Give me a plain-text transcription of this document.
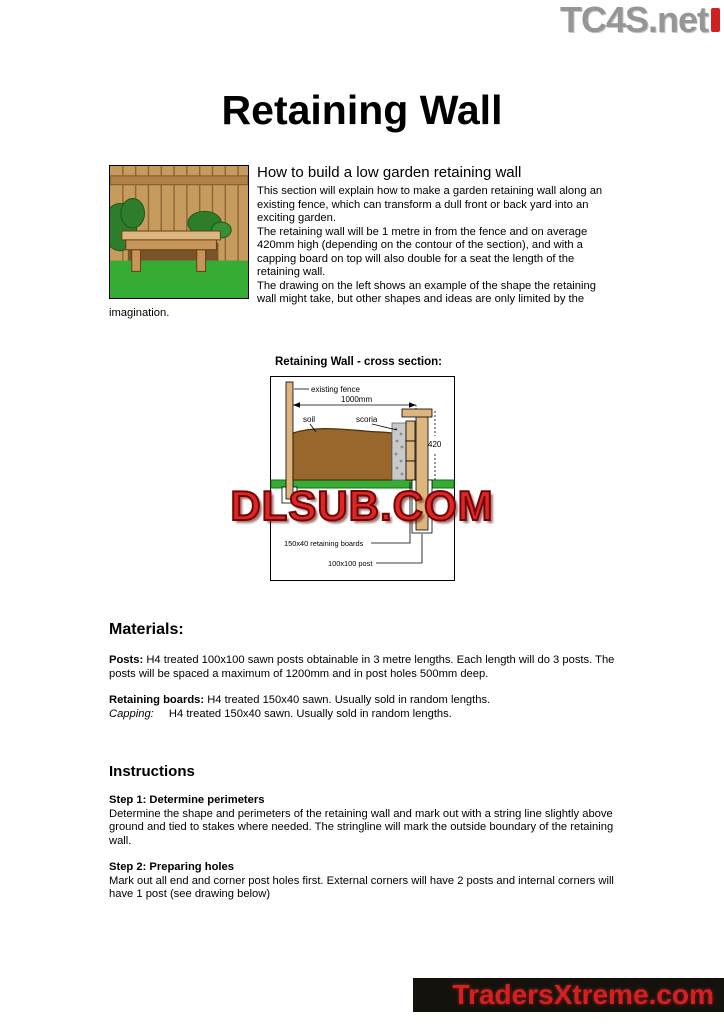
TC4S.net
Retaining Wall
How to build a low garden retaining wall

This section will explain how to make a garden retaining wall along an existing fence, which can transform a dull front or back yard into an exciting garden.

The retaining wall will be 1 metre in from the fence and on average 420mm high (depending on the contour of the section), and with a capping board on top will also double for a seat the length of the retaining wall.

The drawing on the left shows an example of the shape the retaining wall might take, but other shapes and ideas are only limited by the imagination.

Retaining Wall - cross section:
existing fence
1000mm
soil	scoria
420
150x40 retaining boards
100x100 post
DLSUB.COM
Materials:

Posts: H4 treated 100x100 sawn posts obtainable in 3 metre lengths. Each length will do 3 posts. The posts will be spaced a maximum of 1200mm and in post holes 500mm deep.

Retaining boards: H4 treated 150x40 sawn. Usually sold in random lengths.

Capping: H4 treated 150x40 sawn. Usually sold in random lengths.

Instructions
Step 1: Determine perimeters

Determine the shape and perimeters of the retaining wall and mark out with a string line slightly above ground and tied to stakes where needed. The stringline will mark the outside boundary of the retaining wall.

Step 2: Preparing holes

Mark out all end and corner post holes first. External corners will have 2 posts and internal corners will have 1 post (see drawing below)

TradersXtreme.com
